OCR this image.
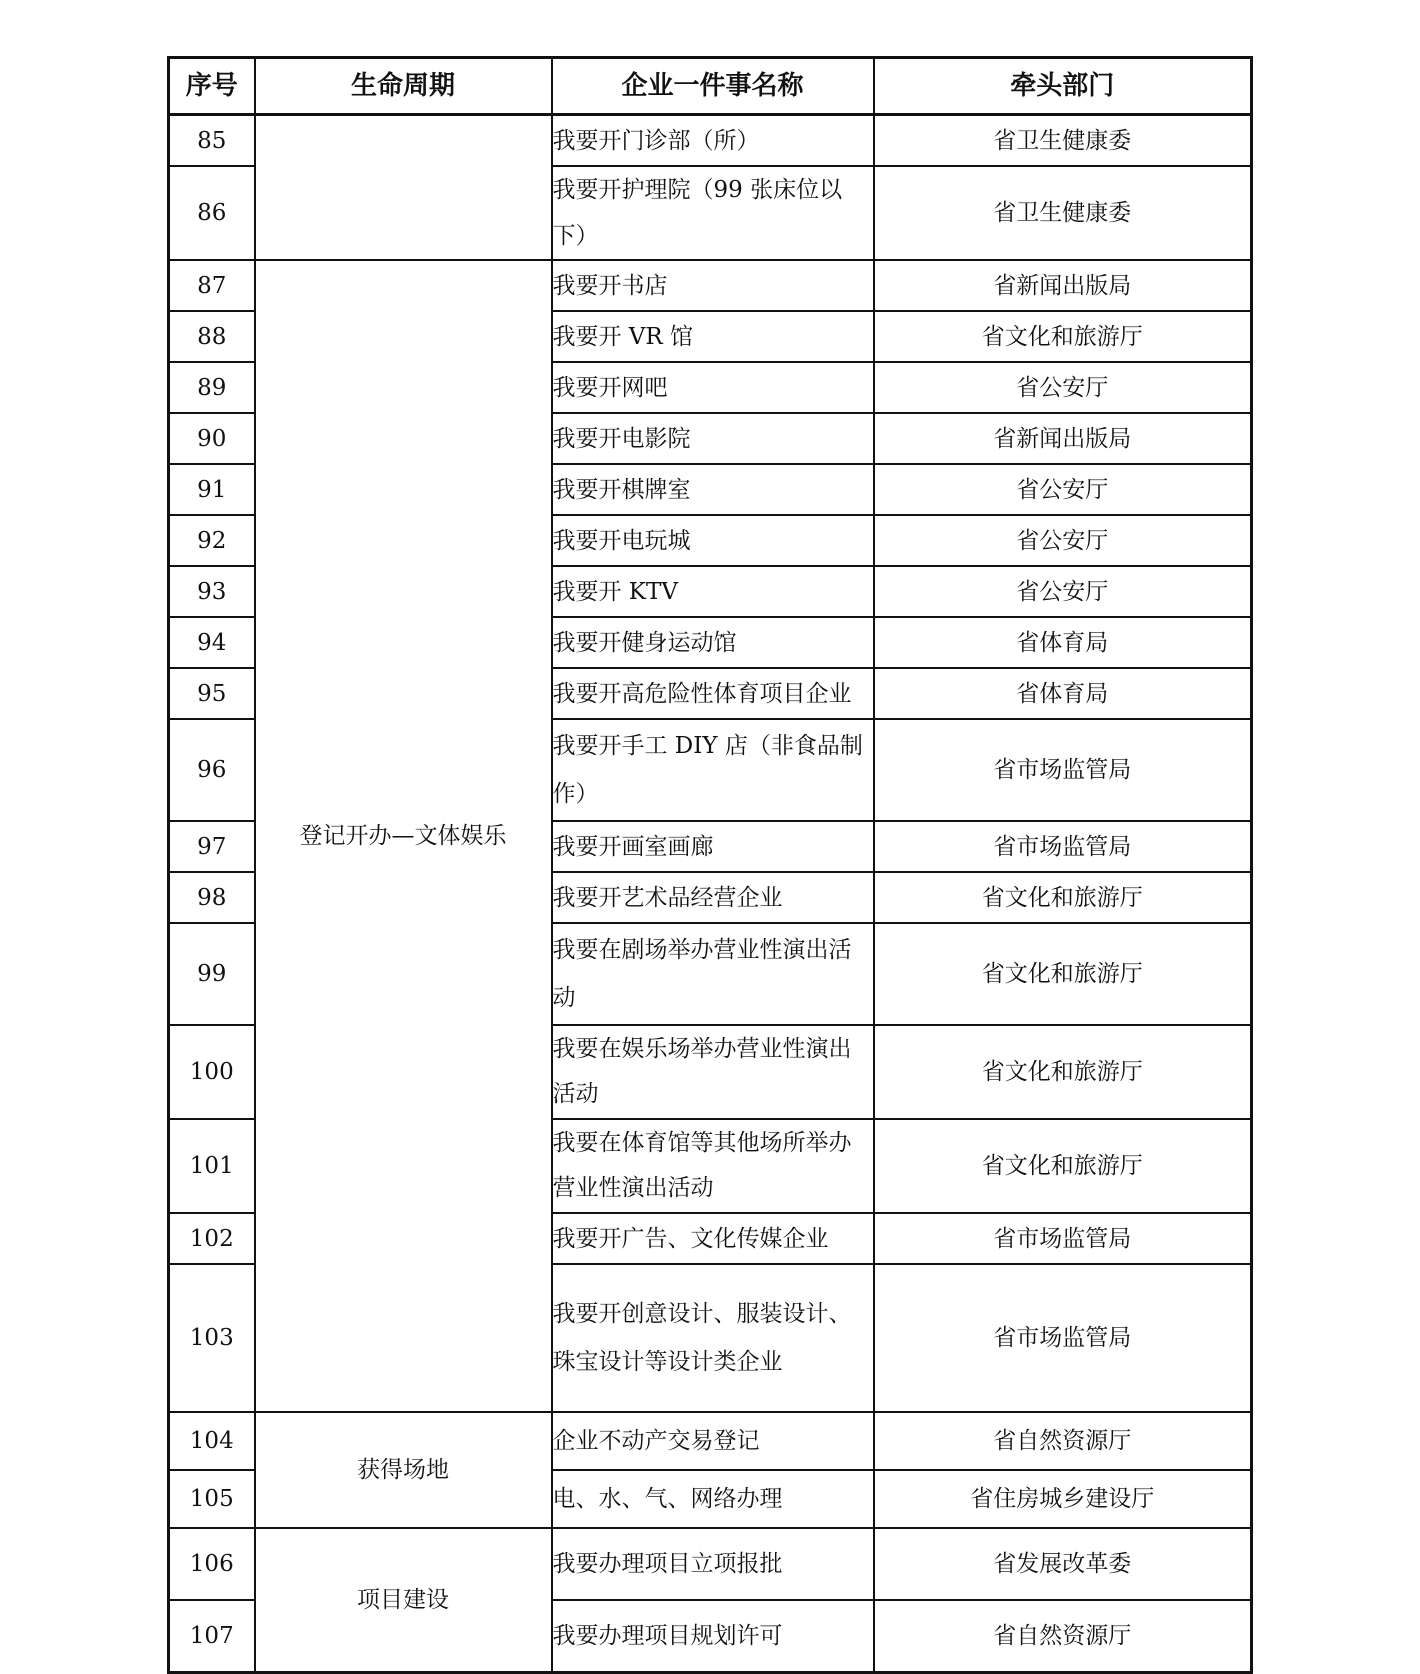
序号	生命周期	企业一件事名称	牵头部门
85		我要开门诊部（所）	省卫生健康委
86		我要开护理院（99 张床位以下）	省卫生健康委
87	登记开办—文体娱乐	我要开书店	省新闻出版局
88		我要开 VR 馆	省文化和旅游厅
89		我要开网吧	省公安厅
90		我要开电影院	省新闻出版局
91		我要开棋牌室	省公安厅
92		我要开电玩城	省公安厅
93		我要开 KTV	省公安厅
94		我要开健身运动馆	省体育局
95		我要开高危险性体育项目企业	省体育局
96		我要开手工 DIY 店（非食品制作）	省市场监管局
97		我要开画室画廊	省市场监管局
98		我要开艺术品经营企业	省文化和旅游厅
99		我要在剧场举办营业性演出活动	省文化和旅游厅
100		我要在娱乐场举办营业性演出活动	省文化和旅游厅
101		我要在体育馆等其他场所举办营业性演出活动	省文化和旅游厅
102		我要开广告、文化传媒企业	省市场监管局
103		我要开创意设计、服装设计、珠宝设计等设计类企业	省市场监管局
104	获得场地	企业不动产交易登记	省自然资源厅
105		电、水、气、网络办理	省住房城乡建设厅
106	项目建设	我要办理项目立项报批	省发展改革委
107		我要办理项目规划许可	省自然资源厅
